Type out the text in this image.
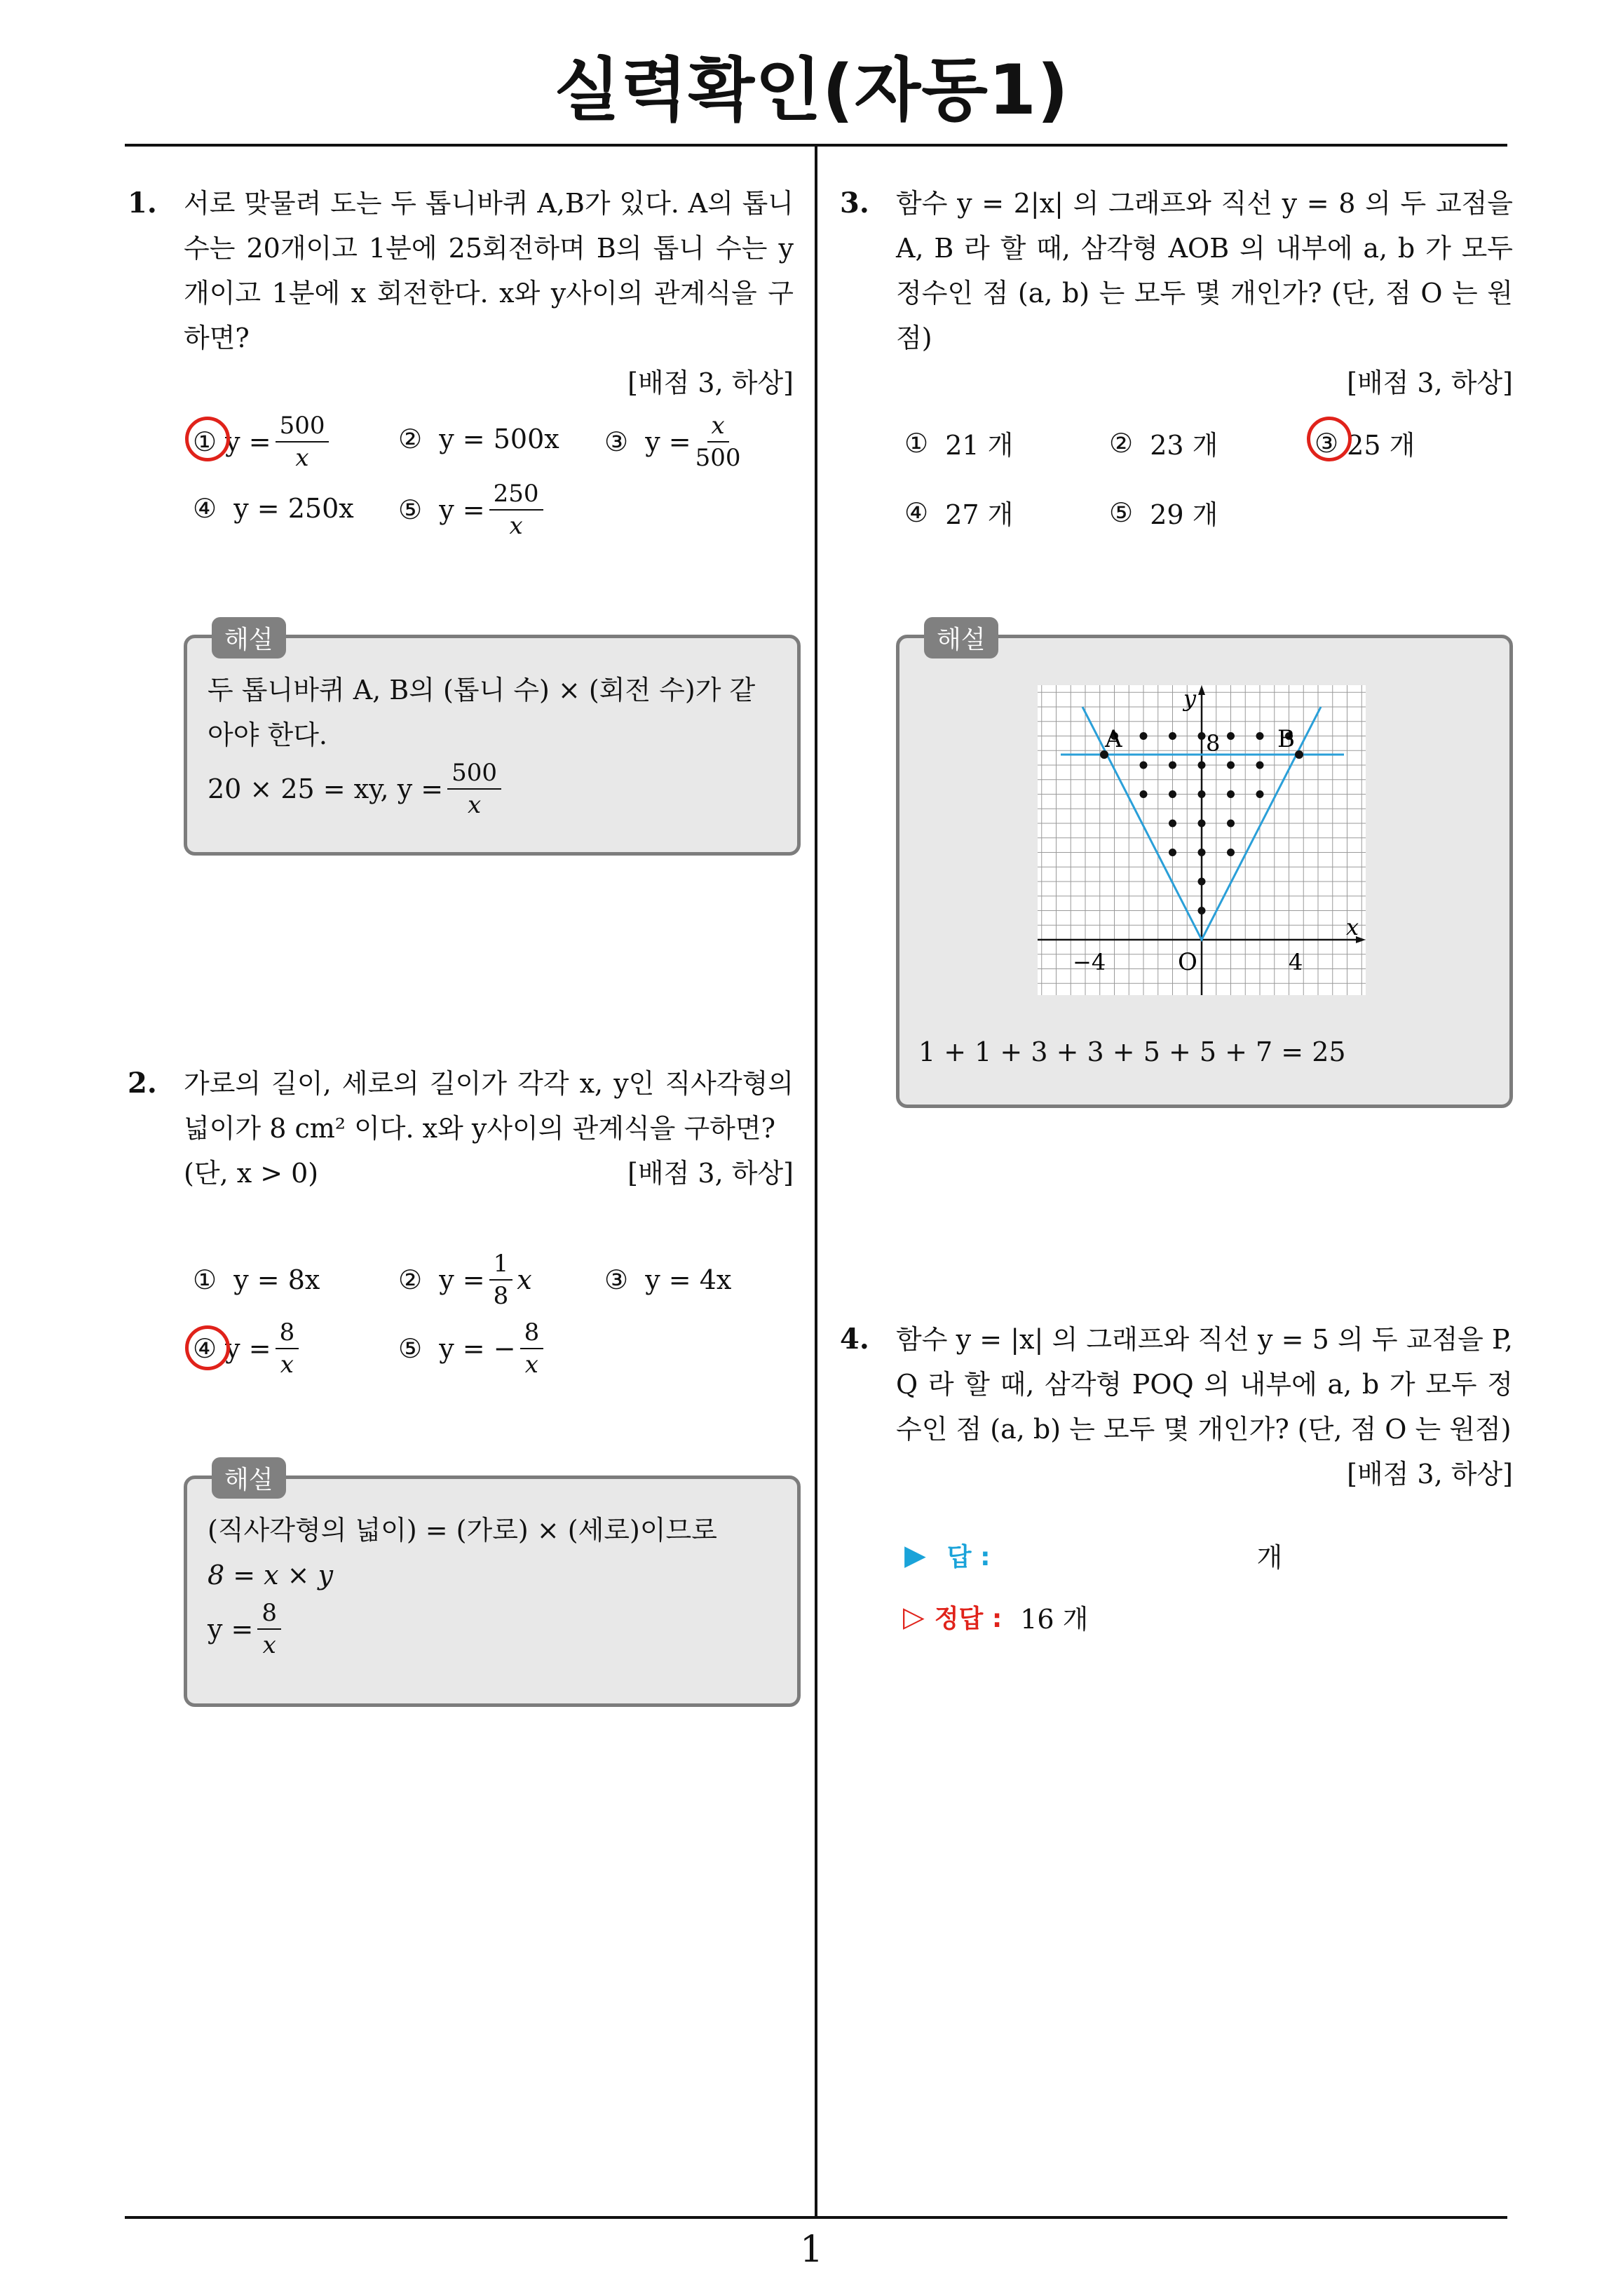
실력확인(자동1)
1
1. 서로 맞물려 도는 두 톱니바퀴 A,B가 있다. A의 톱니 수는 20개이고 1분에 25회전하며 B의 톱니 수는 y 개이고 1분에 x 회전한다. x와 y사이의 관계식을 구하면?
[배점 3, 하상]
①
$y = \frac{500}{x}$	②
y = 500x ③
$y = \frac{x}{500}$
④
y = 250x ⑤
$y = \frac{250}{x}$
해설
두 톱니바퀴 A, B의 (톱니 수) × (회전 수)가 같아야 한다.
20 × 25 = xy, $y = \frac{500}{x}$
2. 가로의 길이, 세로의 길이가 각각 x, y인 직사각형의 넓이가 8 cm² 이다. x와 y사이의 관계식을 구하면?
(단, x > 0)	[배점 3, 하상]
①
y = 8x	②
$y = \frac{1}{8}$ x	③
y = 4x
④
$y = \frac{8}{x}$	⑤
y = − $\frac{8}{x}$
해설
(직사각형의 넓이) = (가로) × (세로)이므로
8 = x × y
$y = \frac{8}{x}$
3. 함수 y = 2|x| 의 그래프와 직선 y = 8 의 두 교점을 A, B 라 할 때, 삼각형 AOB 의 내부에 a, b 가 모두 정수인 점 (a, b) 는 모두 몇 개인가? (단, 점 O 는 원점)
[배점 3, 하상]
①
21 개	②
23 개	③
25 개
④
27 개	⑤
29 개
해설
A	B
8
y
x
O
−4	4
1 + 1 + 3 + 3 + 5 + 5 + 7 = 25
4. 함수 y = |x| 의 그래프와 직선 y = 5 의 두 교점을 P, Q 라 할 때, 삼각형 POQ 의 내부에 a, b 가 모두 정수인 점 (a, b) 는 모두 몇 개인가? (단, 점 O 는 원점)
[배점 3, 하상]
▶ 답 :	개
▷ 정답 : 16 개
